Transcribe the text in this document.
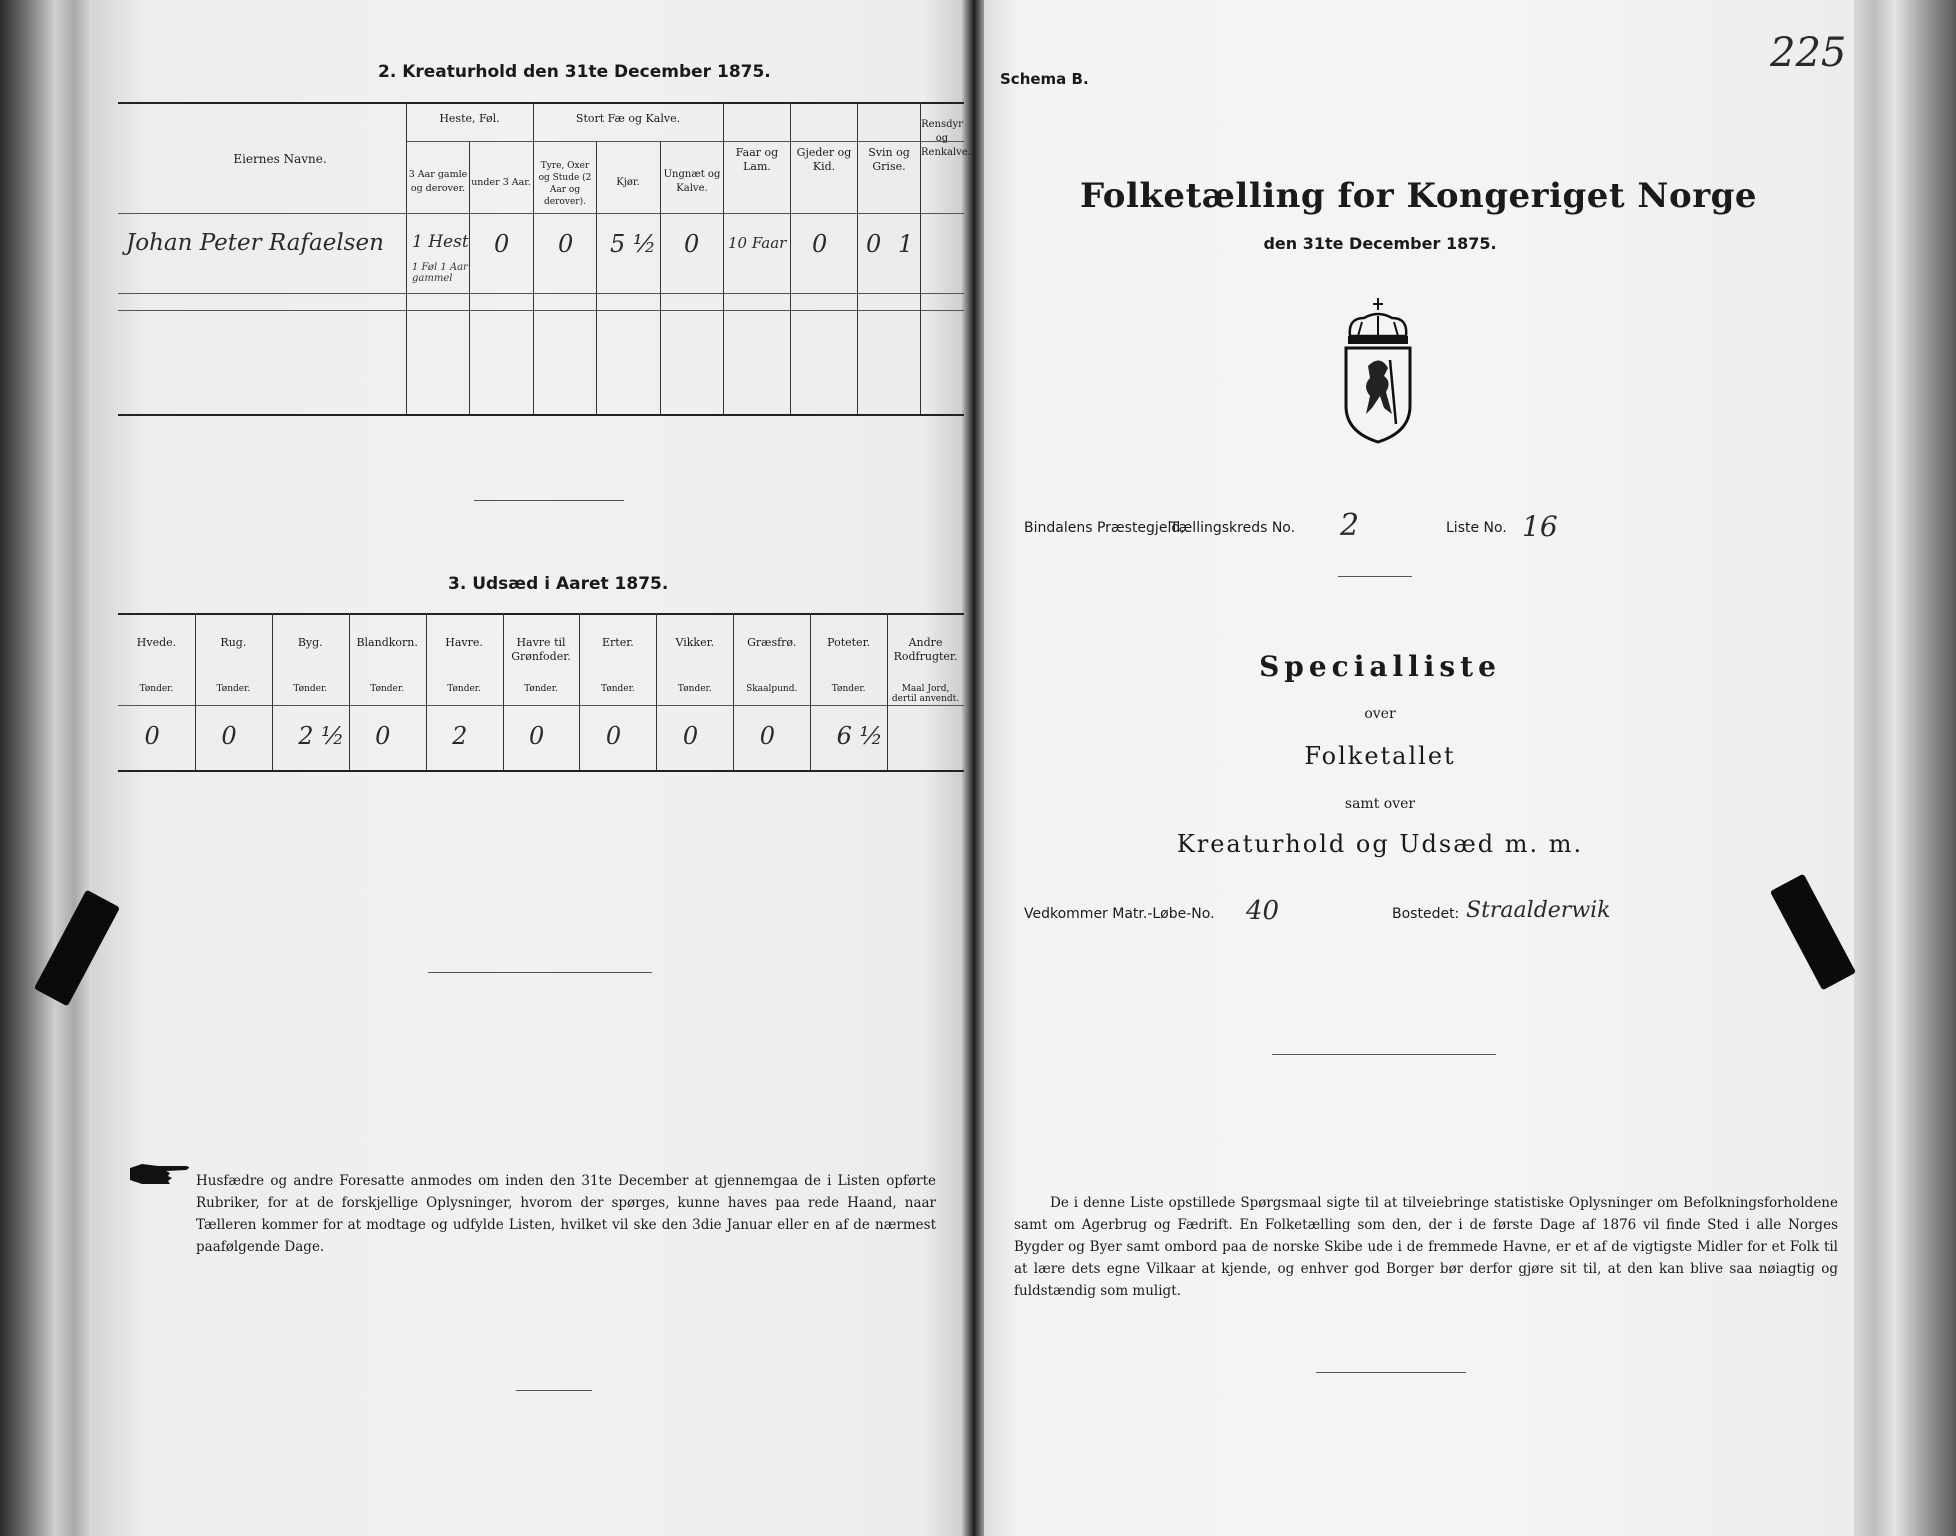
225
2. Kreaturhold den 31te December 1875.
Eiernes Navne.
Heste, Føl.
3 Aar gamle og derover.
under 3 Aar.
Stort Fæ og Kalve.
Tyre, Oxer og Stude (2 Aar og derover).
Kjør.
Ungnæt og Kalve.
Faar og Lam.
Gjeder og Kid.
Svin og Grise.
Rensdyr og Renkalve.
Johan Peter Rafaelsen 1 Hest
1 Føl 1 Aar gammel
0 0 5 ½ 0 10 Faar 0 0 1
3. Udsæd i Aaret 1875.
Hvede.
Tønder.
0
Rug.
Tønder.
0
Byg.
Tønder.
2 ½
Blandkorn.
Tønder.
0
Havre.
Tønder.
2
Havre til Grønfoder.
Tønder.
0
Erter.
Tønder.
0
Vikker.
Tønder.
0
Græsfrø.
Skaalpund.
0
Poteter.
Tønder.
6 ½
Andre Rodfrugter.
Maal Jord, dertil anvendt.
Husfædre og andre Foresatte anmodes om inden den 31te December at gjennemgaa de i Listen opførte Rubriker, for at de forskjellige Oplysninger, hvorom der spørges, kunne haves paa rede Haand, naar Tælleren kommer for at modtage og udfylde Listen, hvilket vil ske den 3die Januar eller en af de nærmest paafølgende Dage.
Schema B.
Folketælling for Kongeriget Norge
den 31te December 1875.
Bindalens Præstegjeld,
Tællingskreds No. 2	Liste No. 16
Specialliste
over
Folketallet
samt over
Kreaturhold og Udsæd m. m.
Vedkommer Matr.-Løbe-No. 40	Bostedet: Straalderwik

De i denne Liste opstillede Spørgsmaal sigte til at tilveiebringe statistiske Oplysninger om Befolkningsforholdene samt om Agerbrug og Fædrift. En Folketælling som den, der i de første Dage af 1876 vil finde Sted i alle Norges Bygder og Byer samt ombord paa de norske Skibe ude i de fremmede Havne, er et af de vigtigste Midler for et Folk til at lære dets egne Vilkaar at kjende, og enhver god Borger bør derfor gjøre sit til, at den kan blive saa nøiagtig og fuldstændig som muligt.
